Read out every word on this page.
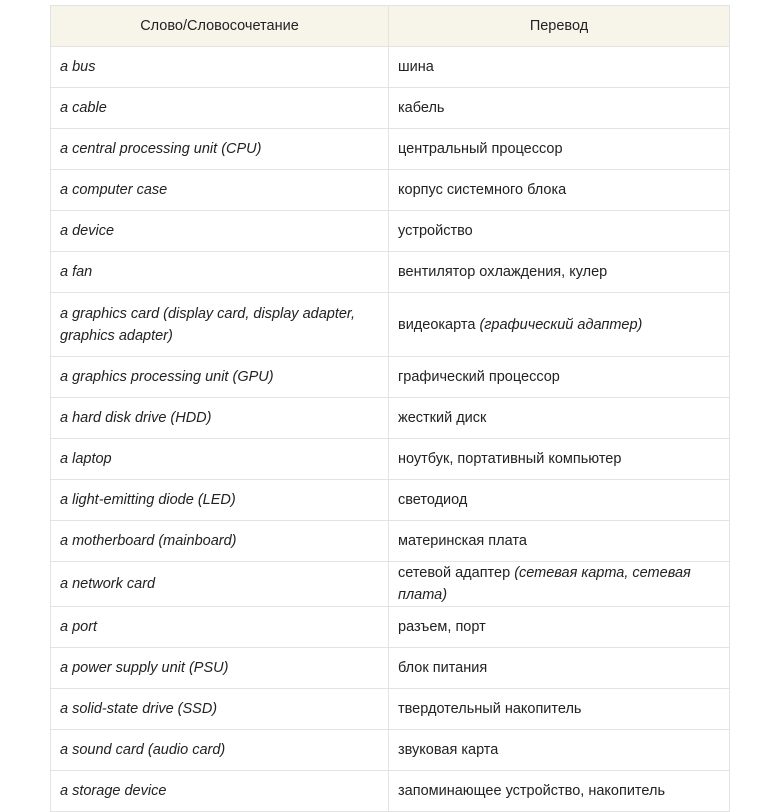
Слово/Словосочетание	Перевод
a bus	шина
a cable	кабель
a central processing unit (CPU)	центральный процессор
a computer case	корпус системного блока
a device	устройство
a fan	вентилятор охлаждения, кулер
a graphics card (display card, display adapter, graphics adapter)	видеокарта (графический адаптер)
a graphics processing unit (GPU)	графический процессор
a hard disk drive (HDD)	жесткий диск
a laptop	ноутбук, портативный компьютер
a light-emitting diode (LED)	светодиод
a motherboard (mainboard)	материнская плата
a network card	сетевой адаптер (сетевая карта, сетевая плата)
a port	разъем, порт
a power supply unit (PSU)	блок питания
a solid-state drive (SSD)	твердотельный накопитель
a sound card (audio card)	звуковая карта
a storage device	запоминающее устройство, накопитель
